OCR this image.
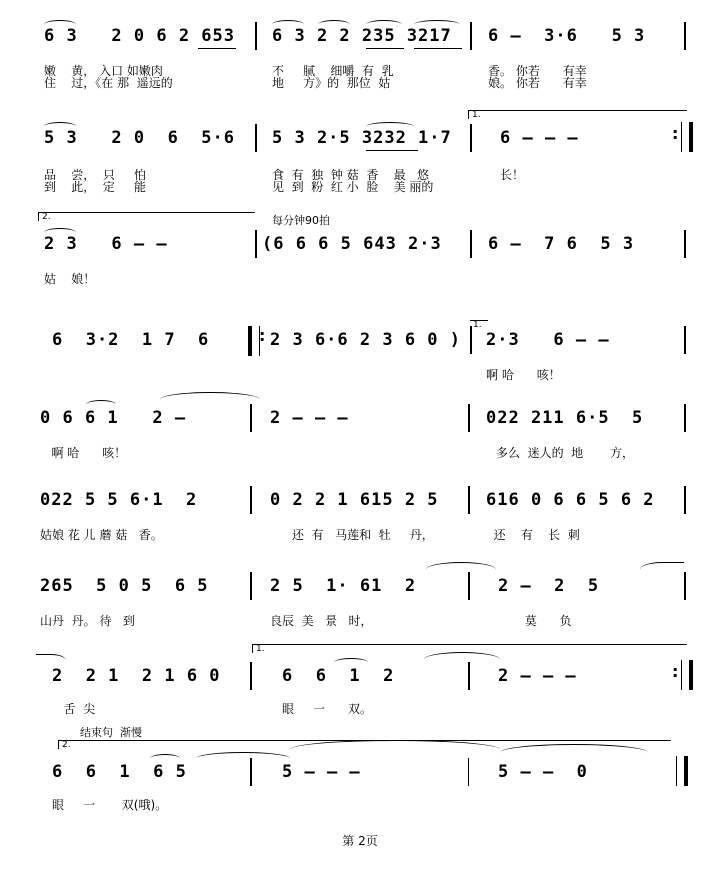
6 3   2 0 6 2 653 6 3 2 2 235 3217 6 –  3·6   5 3
嫩    黄， 入口 如嫩肉	不     腻    细嚼  有  乳	香。 你若      有幸
住    过，《在 那  遥远的	地     方》的  那位  姑	娘。 你若      有幸
1.
5 3   2 0  6  5·6 5 3 2·5 3232 1·7	6 – – –	:
品    尝，  只     怕	食  有  独  钟 菇  香    最   悠	长！
到    此，  定     能	见  到  粉  红 小  脸    美 丽的
2.	每分钟90拍
2 3   6 – –	(6 6 6 5 643 2·3	6 –  7 6  5 3
姑    娘！
6  3·2  1 7  6	: 2 3 6·6 2 3 6 0 ) 2·3   6 – –
1.
啊 哈      咳！
0 6 6 1   2 –	2 – – –	022 211 6·5  5
啊 哈      咳！	多么  迷人的  地       方，
022 5 5 6·1  2	0 2 2 1 615 2 5	616 0 6 6 5 6 2
姑娘 花 儿 蘑 菇   香。	还  有   马莲和  牡     丹，	还    有    长  刺
265  5 0 5  6 5	2 5  1· 61  2	2 –  2  5
山丹  丹。 待   到	良辰  美   景   时，	莫      负
1.
2  2 1  2 1 6 0	6  6  1  2	2 – – –	:
舌  尖	眼     一      双。
结束句  渐慢
2.
6  6  1  6 5	5 – – –	5 – –  0
眼     一       双(哦)。
第 2页
